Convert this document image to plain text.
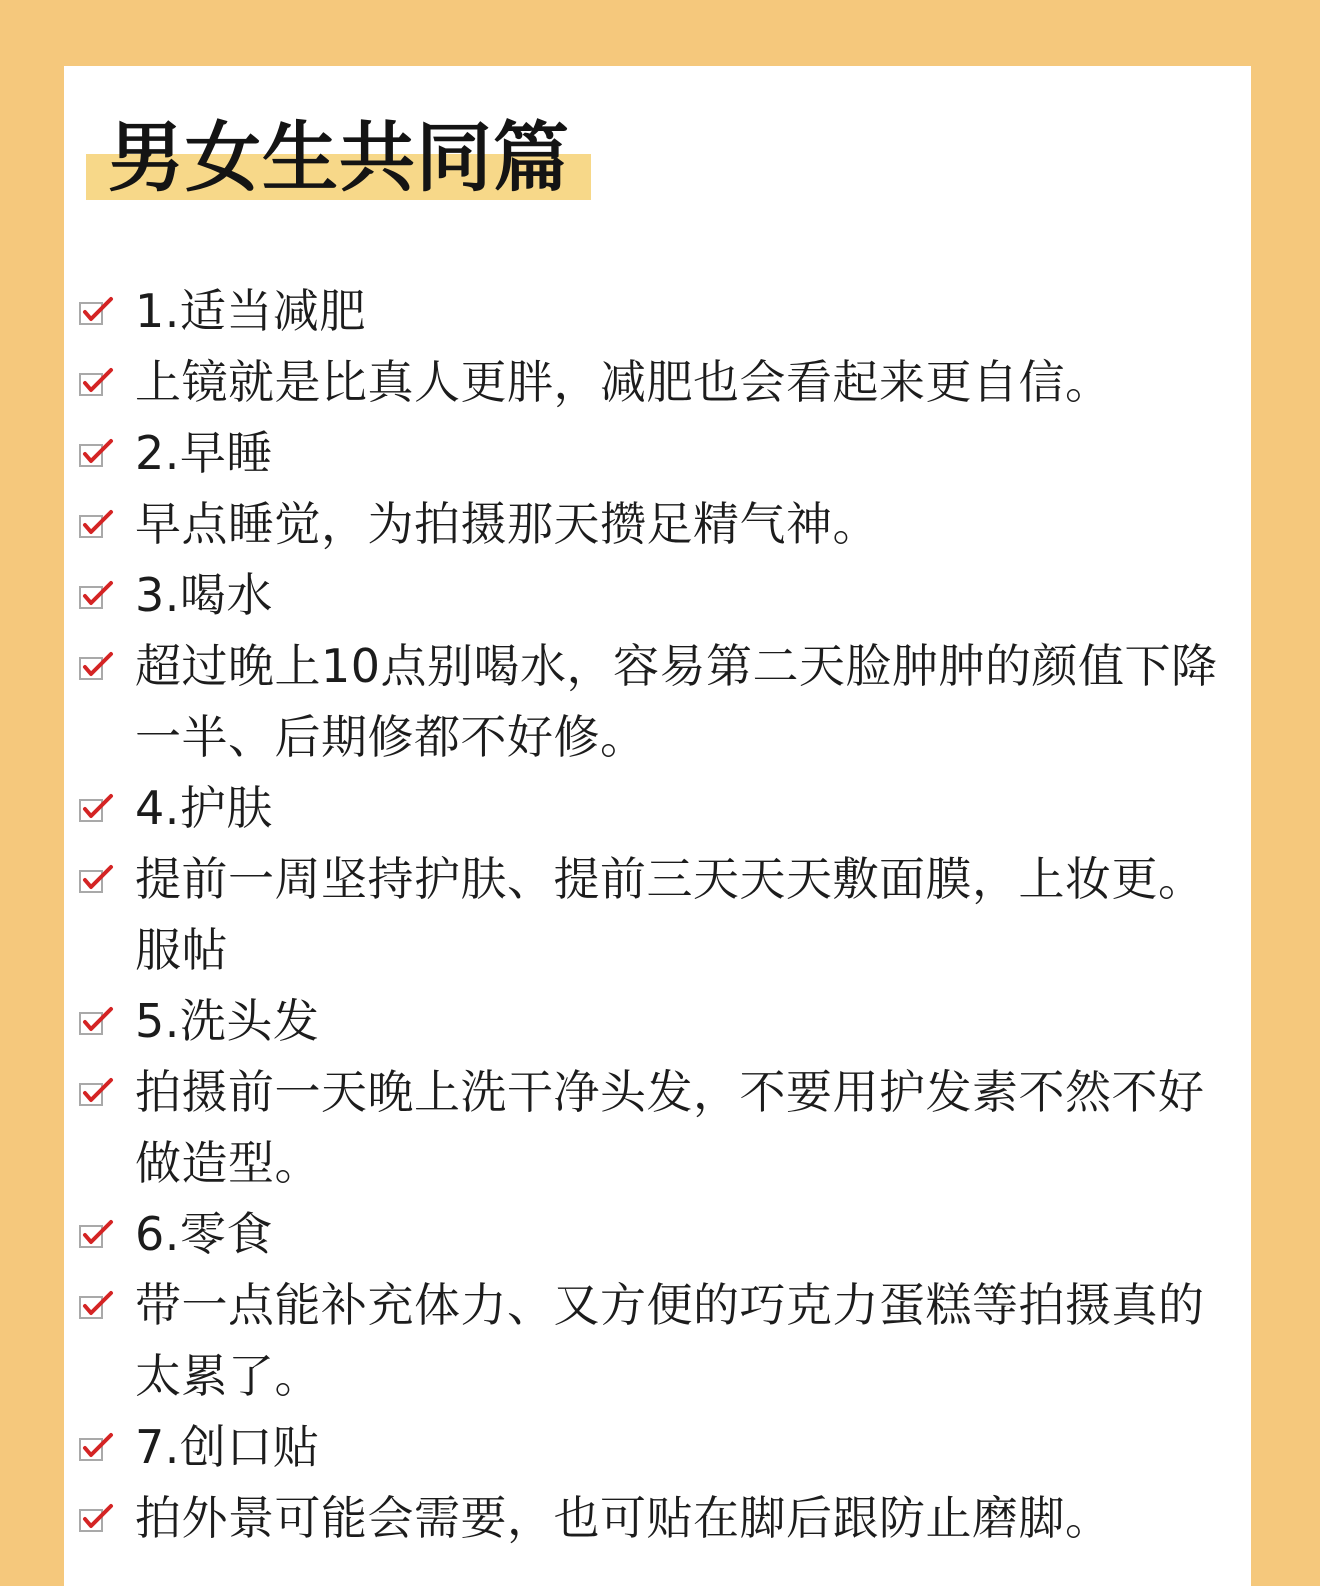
男女生共同篇
1.适当减肥
上镜就是比真人更胖，减肥也会看起来更自信。
2.早睡
早点睡觉，为拍摄那天攒足精气神。
3.喝水
超过晚上10点别喝水，容易第二天脸肿肿的颜值下降一半、后期修都不好修。
4.护肤
提前一周坚持护肤、提前三天天天敷面膜，上妆更。服帖
5.洗头发
拍摄前一天晚上洗干净头发，不要用护发素不然不好做造型。
6.零食
带一点能补充体力、又方便的巧克力蛋糕等拍摄真的太累了。
7.创口贴
拍外景可能会需要，也可贴在脚后跟防止磨脚。
